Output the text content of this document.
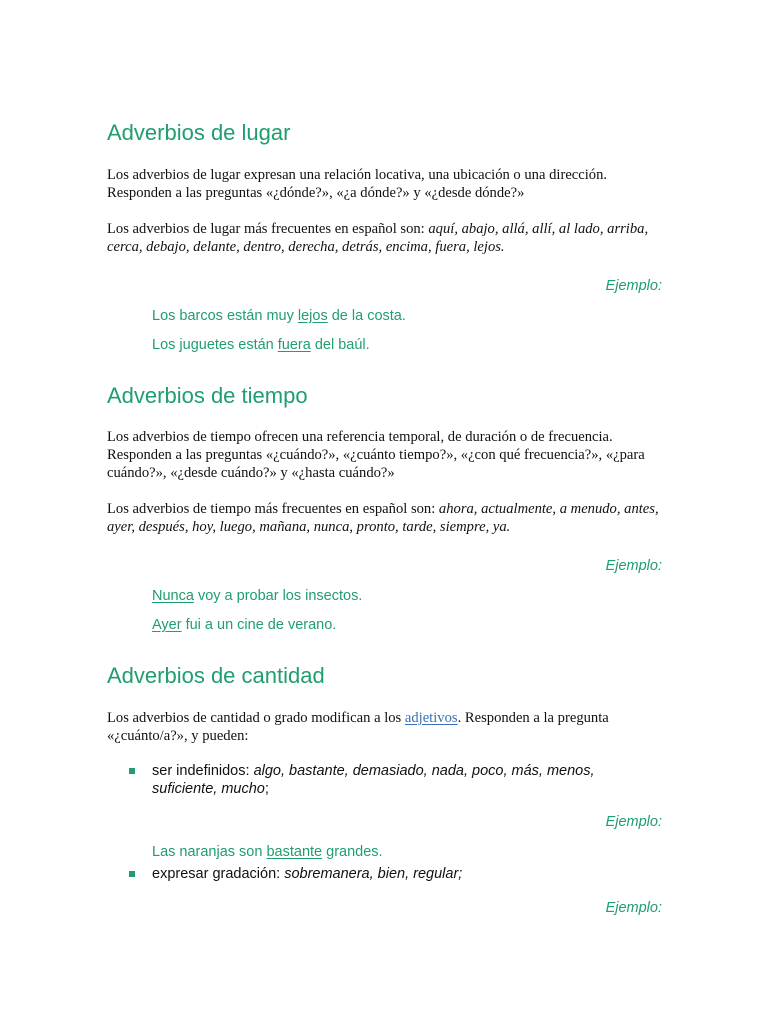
Adverbios de lugar

Los adverbios de lugar expresan una relación locativa, una ubicación o una dirección. Responden a las preguntas «¿dónde?», «¿a dónde?» y «¿desde dónde?»

Los adverbios de lugar más frecuentes en español son: aquí, abajo, allá, allí, al lado, arriba, cerca, debajo, delante, dentro, derecha, detrás, encima, fuera, lejos.

Ejemplo:

Los barcos están muy lejos de la costa.

Los juguetes están fuera del baúl.

Adverbios de tiempo

Los adverbios de tiempo ofrecen una referencia temporal, de duración o de frecuencia. Responden a las preguntas «¿cuándo?», «¿cuánto tiempo?», «¿con qué frecuencia?», «¿para cuándo?», «¿desde cuándo?» y «¿hasta cuándo?»

Los adverbios de tiempo más frecuentes en español son: ahora, actualmente, a menudo, antes, ayer, después, hoy, luego, mañana, nunca, pronto, tarde, siempre, ya.

Ejemplo:

Nunca voy a probar los insectos.

Ayer fui a un cine de verano.

Adverbios de cantidad

Los adverbios de cantidad o grado modifican a los adjetivos. Responden a la pregunta «¿cuánto/a?», y pueden:

ser indefinidos: algo, bastante, demasiado, nada, poco, más, menos, suficiente, mucho;

Ejemplo:

Las naranjas son bastante grandes.

expresar gradación: sobremanera, bien, regular;

Ejemplo:
